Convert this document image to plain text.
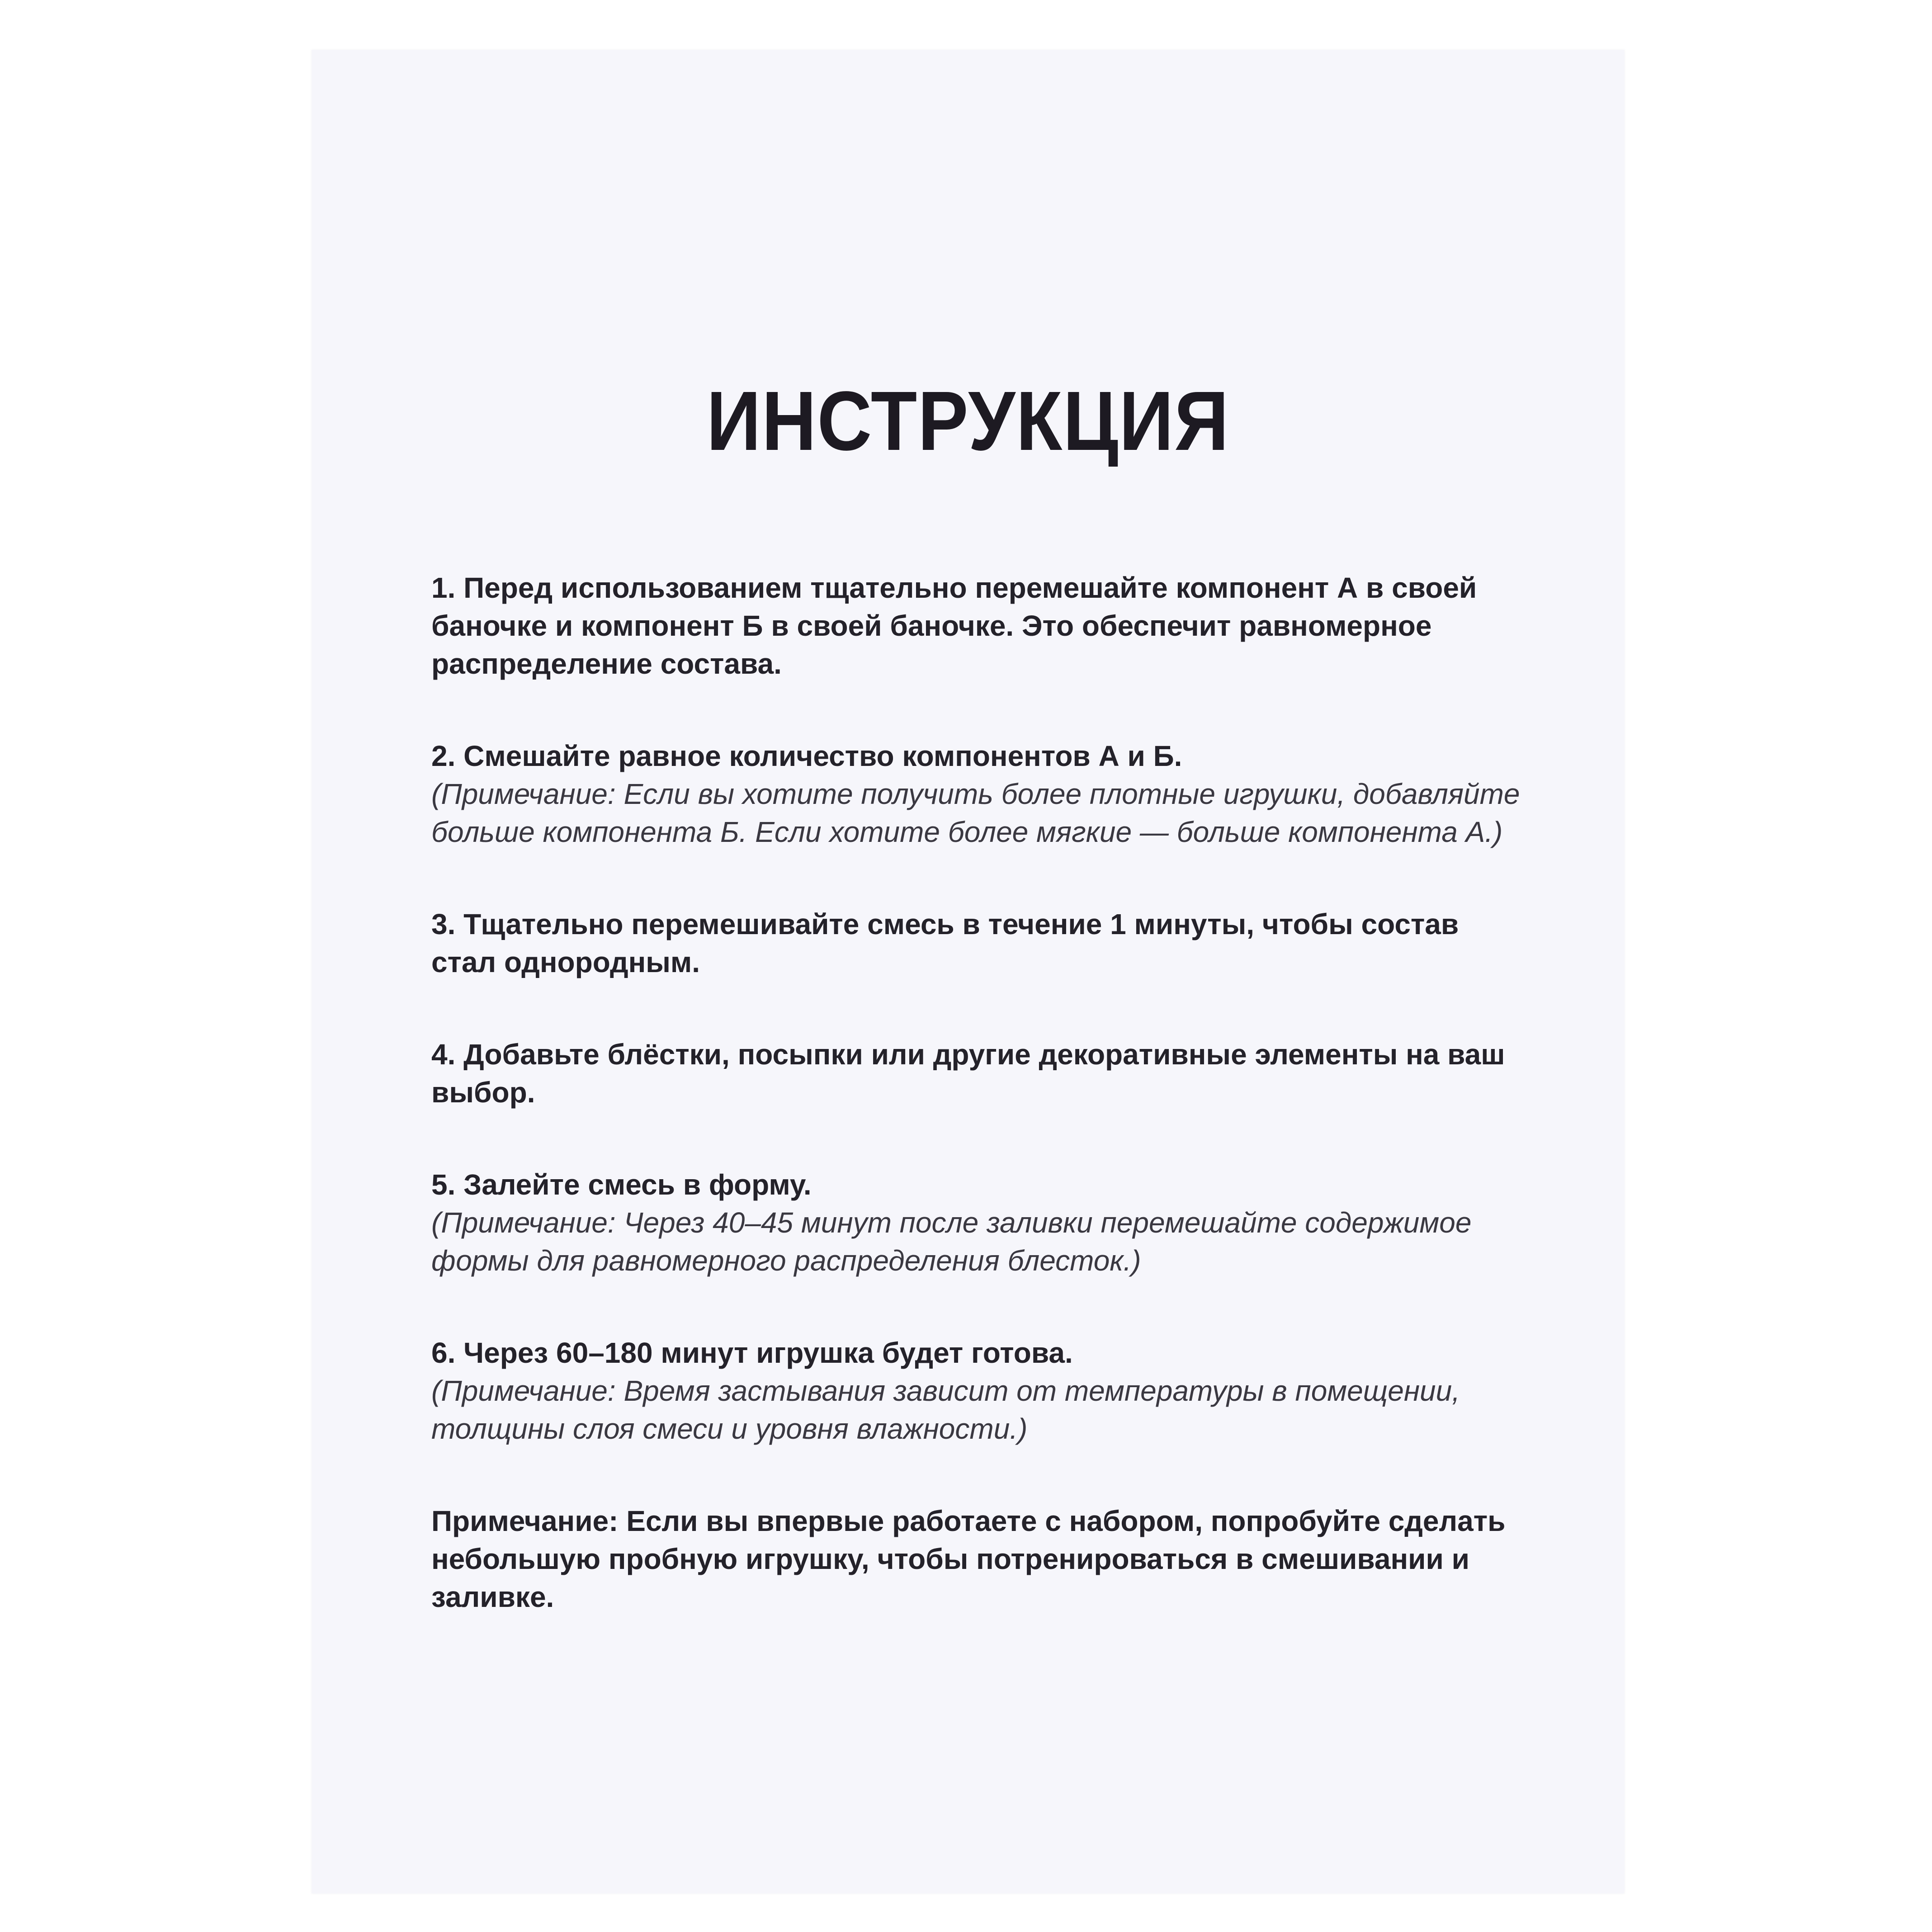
ИНСТРУКЦИЯ

1. Перед использованием тщательно перемешайте компонент А в своей баночке и компонент Б в своей баночке. Это обеспечит равномерное распределение состава.

2. Смешайте равное количество компонентов А и Б.

(Примечание: Если вы хотите получить более плотные игрушки, добавляйте больше компонента Б. Если хотите более мягкие — больше компонента А.)

3. Тщательно перемешивайте смесь в течение 1 минуты, чтобы состав стал однородным.

4. Добавьте блёстки, посыпки или другие декоративные элементы на ваш выбор.

5. Залейте смесь в форму.

(Примечание: Через 40–45 минут после заливки перемешайте содержимое формы для равномерного распределения блесток.)

6. Через 60–180 минут игрушка будет готова.

(Примечание: Время застывания зависит от температуры в помещении, толщины слоя смеси и уровня влажности.)

Примечание: Если вы впервые работаете с набором, попробуйте сделать небольшую пробную игрушку, чтобы потренироваться в смешивании и заливке.
